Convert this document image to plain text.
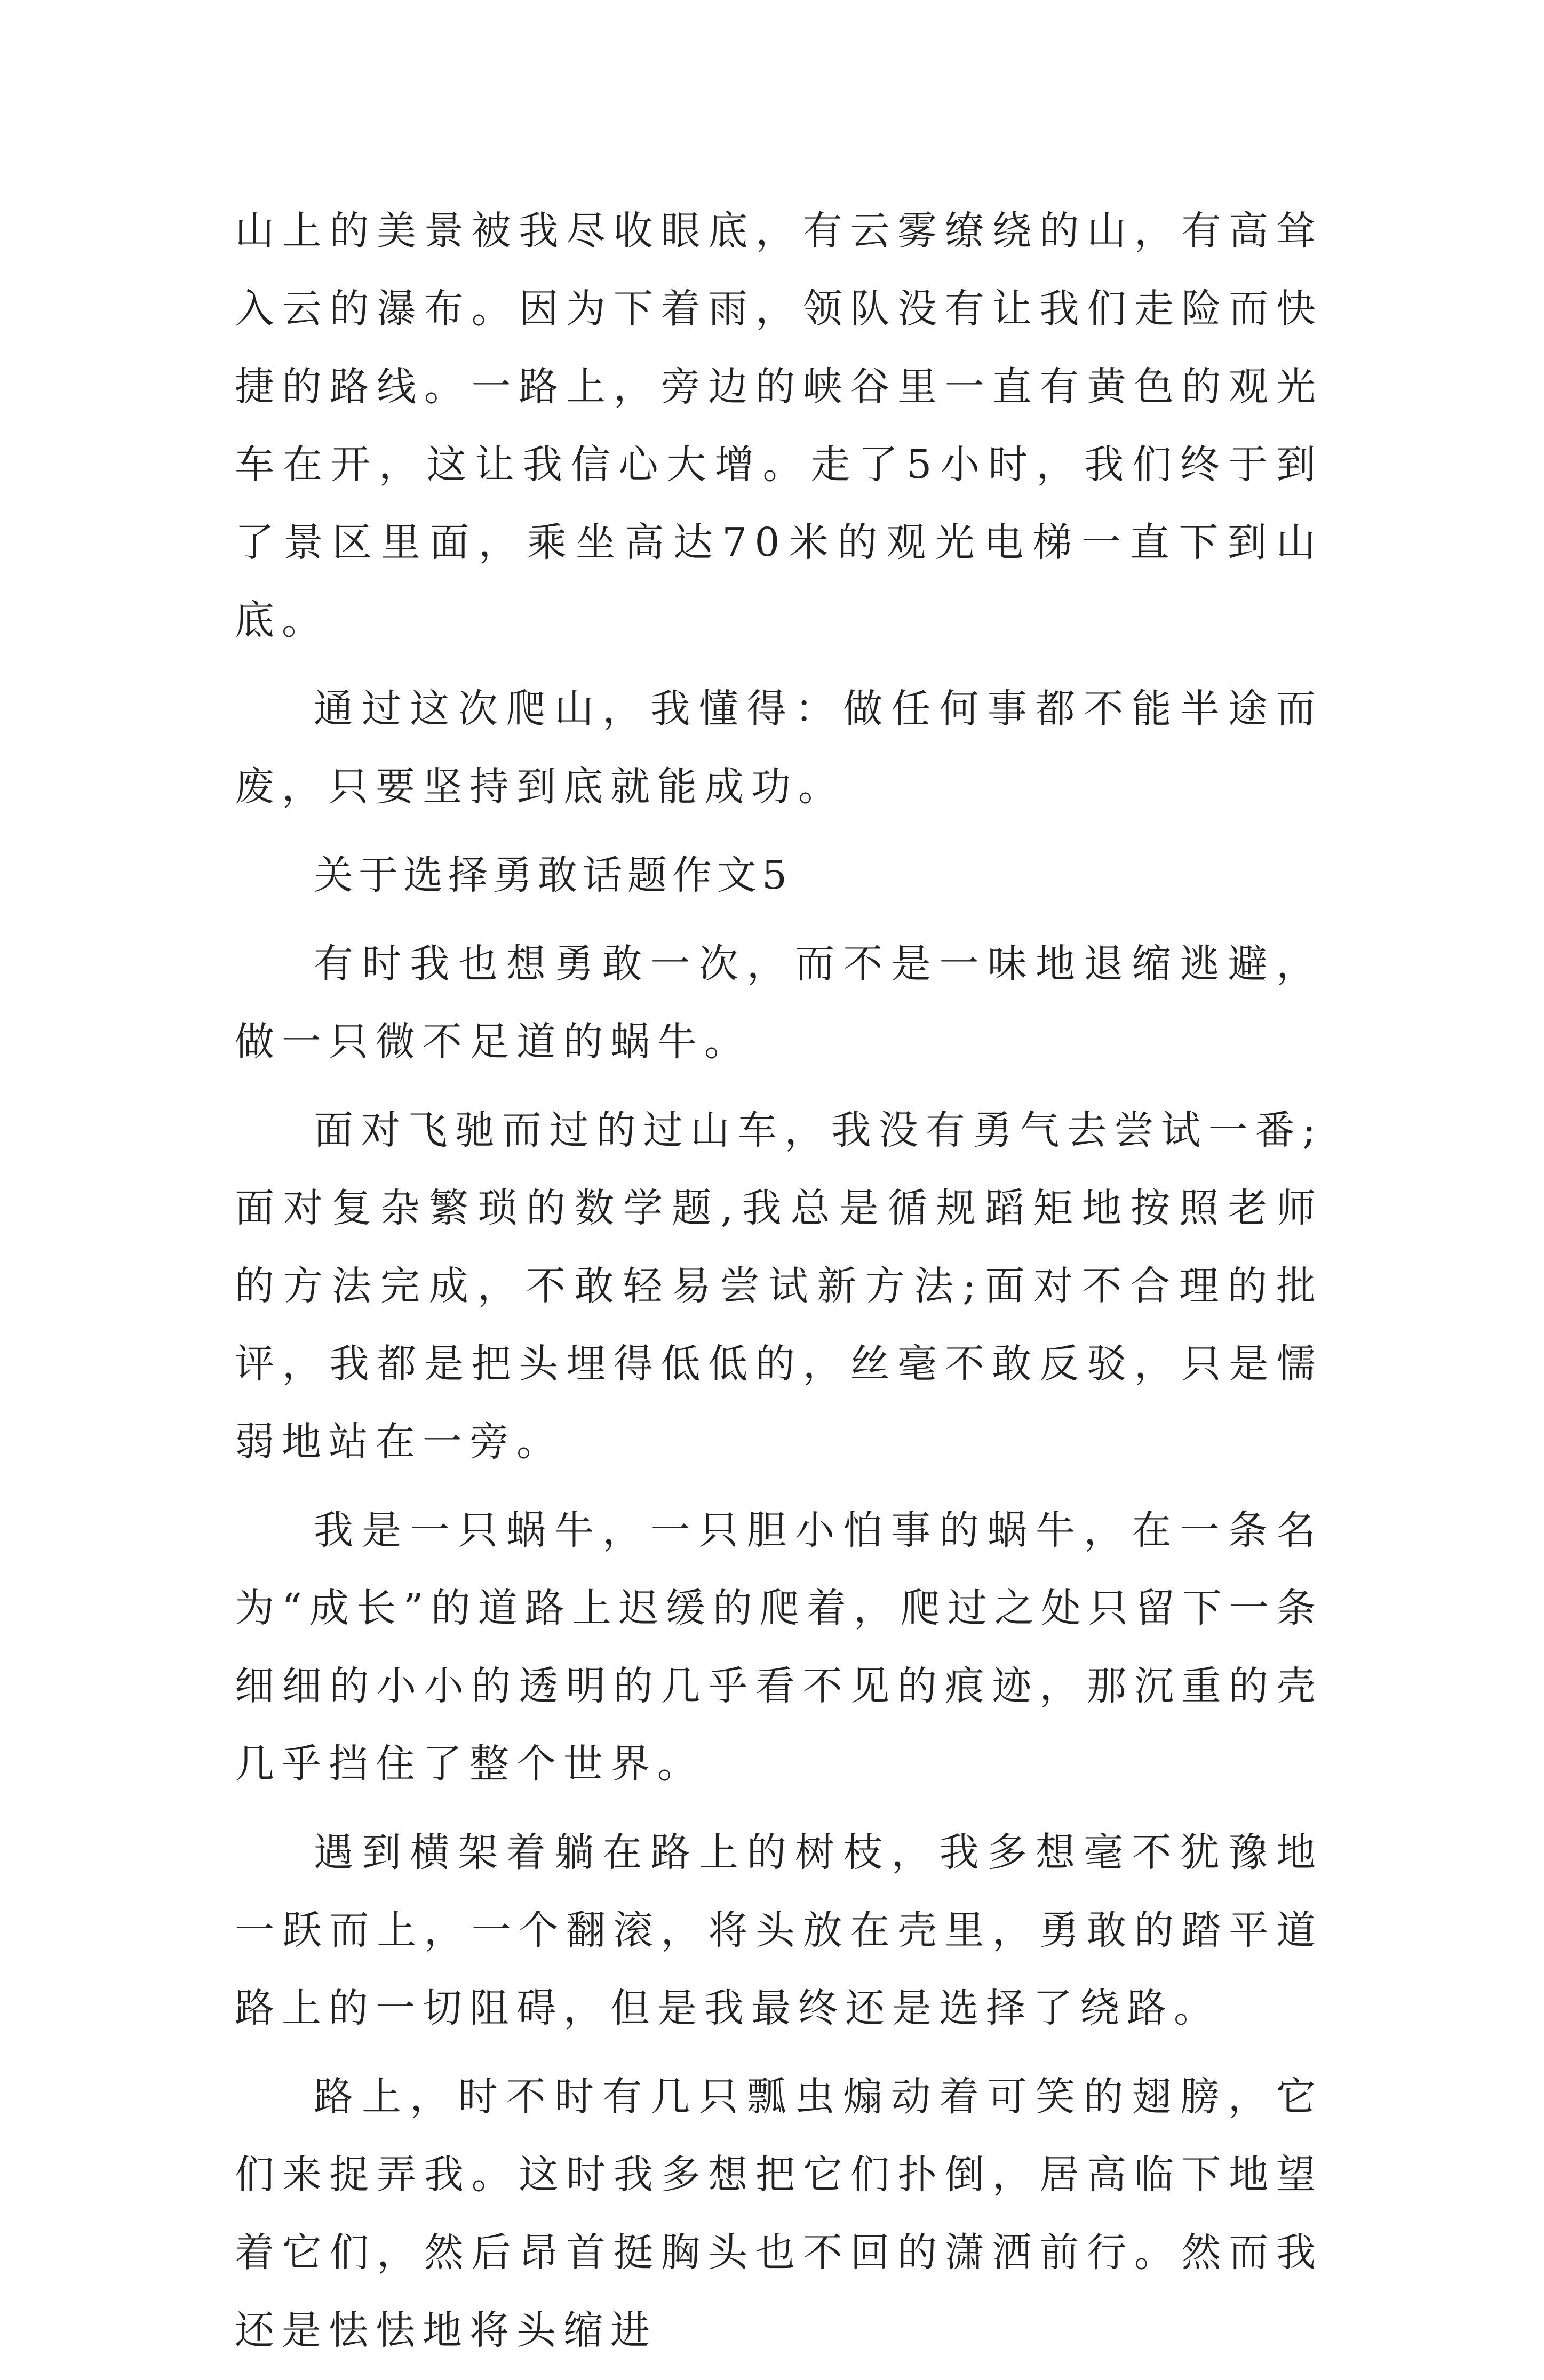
山上的美景被我尽收眼底，有云雾缭绕的山，有高耸入云的瀑布。因为下着雨，领队没有让我们走险而快捷的路线。一路上，旁边的峡谷里一直有黄色的观光车在开，这让我信心大增。走了5小时，我们终于到了景区里面，乘坐高达70米的观光电梯一直下到山底。

通过这次爬山，我懂得：做任何事都不能半途而废，只要坚持到底就能成功。

关于选择勇敢话题作文5

有时我也想勇敢一次，而不是一味地退缩逃避，做一只微不足道的蜗牛。

面对飞驰而过的过山车，我没有勇气去尝试一番;面对复杂繁琐的数学题,我总是循规蹈矩地按照老师的方法完成，不敢轻易尝试新方法;面对不合理的批评，我都是把头埋得低低的，丝毫不敢反驳，只是懦弱地站在一旁。

我是一只蜗牛，一只胆小怕事的蜗牛，在一条名为“成长”的道路上迟缓的爬着，爬过之处只留下一条细细的小小的透明的几乎看不见的痕迹，那沉重的壳几乎挡住了整个世界。

遇到横架着躺在路上的树枝，我多想毫不犹豫地一跃而上，一个翻滚，将头放在壳里，勇敢的踏平道路上的一切阻碍，但是我最终还是选择了绕路。

路上，时不时有几只瓢虫煽动着可笑的翅膀，它们来捉弄我。这时我多想把它们扑倒，居高临下地望着它们，然后昂首挺胸头也不回的潇洒前行。然而我还是怯怯地将头缩进
